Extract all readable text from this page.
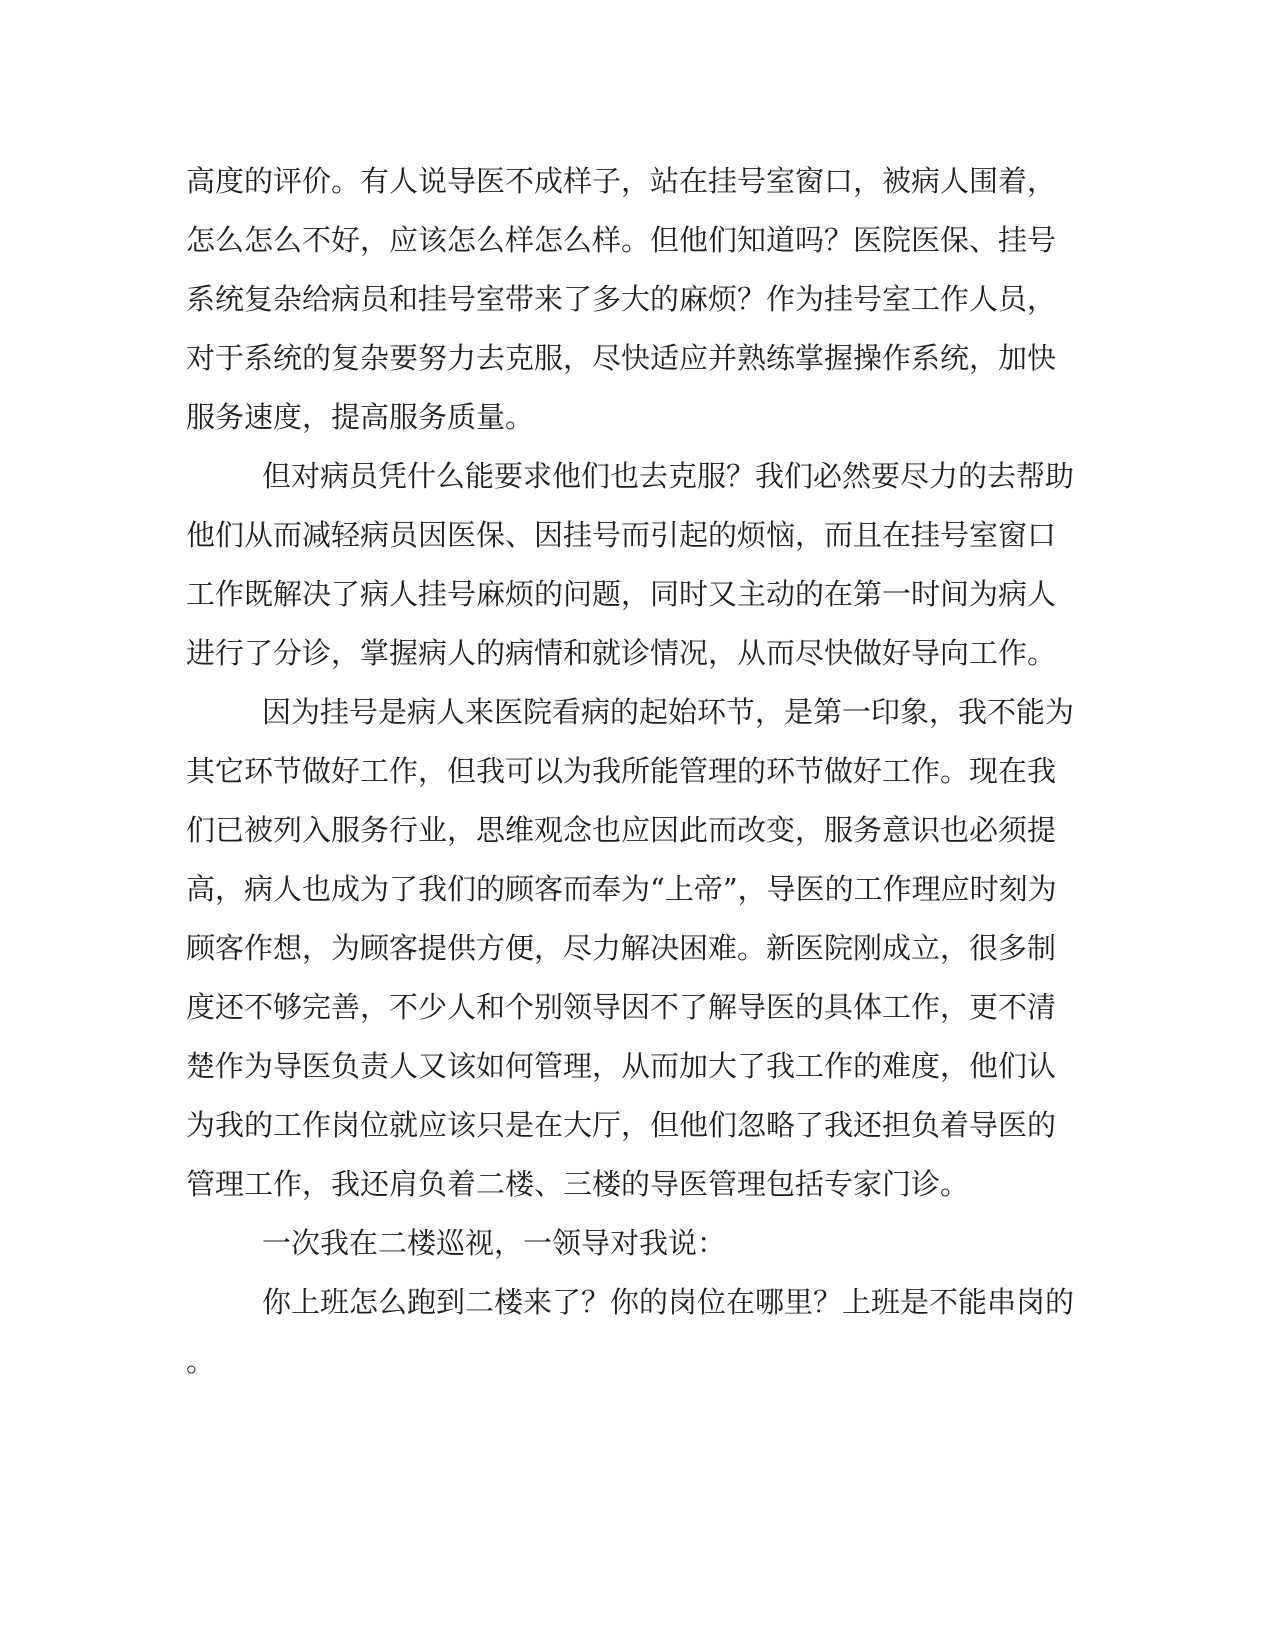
高度的评价。有人说导医不成样子，站在挂号室窗口，被病人围着，
怎么怎么不好，应该怎么样怎么样。但他们知道吗？医院医保、挂号
系统复杂给病员和挂号室带来了多大的麻烦？作为挂号室工作人员，
对于系统的复杂要努力去克服，尽快适应并熟练掌握操作系统，加快
服务速度，提高服务质量。
但对病员凭什么能要求他们也去克服？我们必然要尽力的去帮助
他们从而减轻病员因医保、因挂号而引起的烦恼，而且在挂号室窗口
工作既解决了病人挂号麻烦的问题，同时又主动的在第一时间为病人
进行了分诊，掌握病人的病情和就诊情况，从而尽快做好导向工作。
因为挂号是病人来医院看病的起始环节，是第一印象，我不能为
其它环节做好工作，但我可以为我所能管理的环节做好工作。现在我
们已被列入服务行业，思维观念也应因此而改变，服务意识也必须提
高，病人也成为了我们的顾客而奉为“上帝”，导医的工作理应时刻为
顾客作想，为顾客提供方便，尽力解决困难。新医院刚成立，很多制
度还不够完善，不少人和个别领导因不了解导医的具体工作，更不清
楚作为导医负责人又该如何管理，从而加大了我工作的难度，他们认
为我的工作岗位就应该只是在大厅，但他们忽略了我还担负着导医的
管理工作，我还肩负着二楼、三楼的导医管理包括专家门诊。
一次我在二楼巡视，一领导对我说：
你上班怎么跑到二楼来了？你的岗位在哪里？上班是不能串岗的
。
